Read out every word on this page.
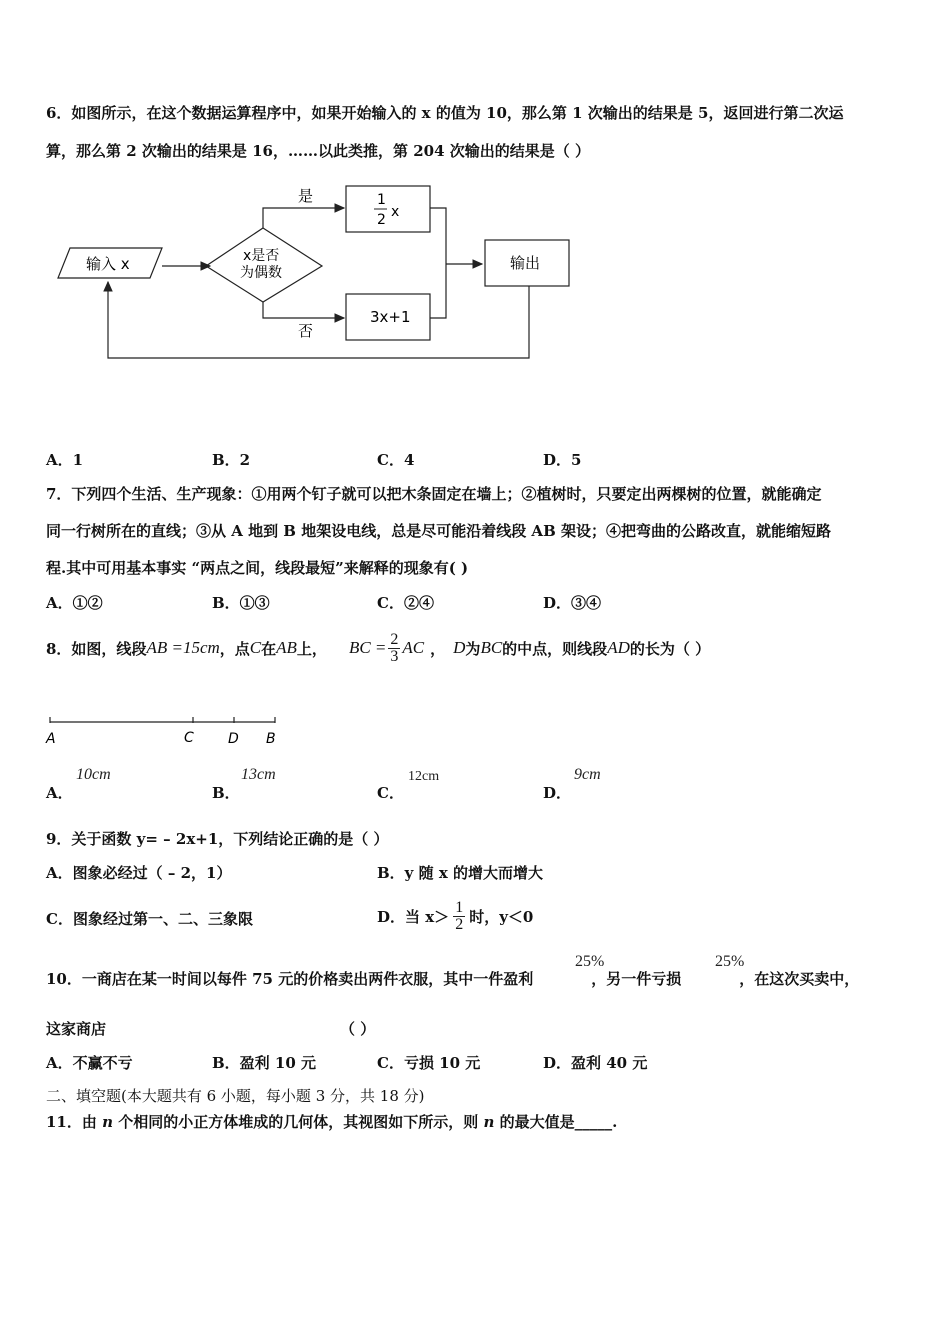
6．如图所示，在这个数据运算程序中，如果开始输入的 x 的值为 10，那么第 1 次输出的结果是 5，返回进行第二次运
算，那么第 2 次输出的结果是 16，……以此类推，第 204 次输出的结果是（ ）
输入 x	x是否
为偶数
是
否
1
2 x
3x+1
输出
A．1	B．2	C．4	D．5
7．下列四个生活、生产现象：①用两个钉子就可以把木条固定在墙上；②植树时，只要定出两棵树的位置，就能确定
同一行树所在的直线；③从 A 地到 B 地架设电线，总是尽可能沿着线段 AB 架设；④把弯曲的公路改直，就能缩短路
程.其中可用基本事实 “两点之间，线段最短”来解释的现象有( )
A．①②	B．①③	C．②④	D．③④
8．如图，线段 AB =15cm ，点 C 在 AB 上， BC = $\frac{2}{3}$ AC ， D 为 BC 的中点，则线段 AD 的长为（ ）
A	C D B
A．
10cm
B．
13cm
C．
12cm
D．
9cm
9．关于函数 y= – 2x+1，下列结论正确的是（ ）
A．图象必经过（ – 2，1）	B．y 随 x 的增大而增大
C．图象经过第一、二、三象限	D．当 $x> \frac{1}{2}$ 时，y＜0
10．一商店在某一时间以每件 75 元的价格卖出两件衣服，其中一件盈利	，另一件亏损	，在这次买卖中，
25%	25%
这家商店	（ ）
A．不赢不亏	B．盈利 10 元	C．亏损 10 元	D．盈利 40 元
二、填空题(本大题共有 6 小题，每小题 3 分，共 18 分)
11．由 n 个相同的小正方体堆成的几何体，其视图如下所示，则 n 的最大值是_____.
